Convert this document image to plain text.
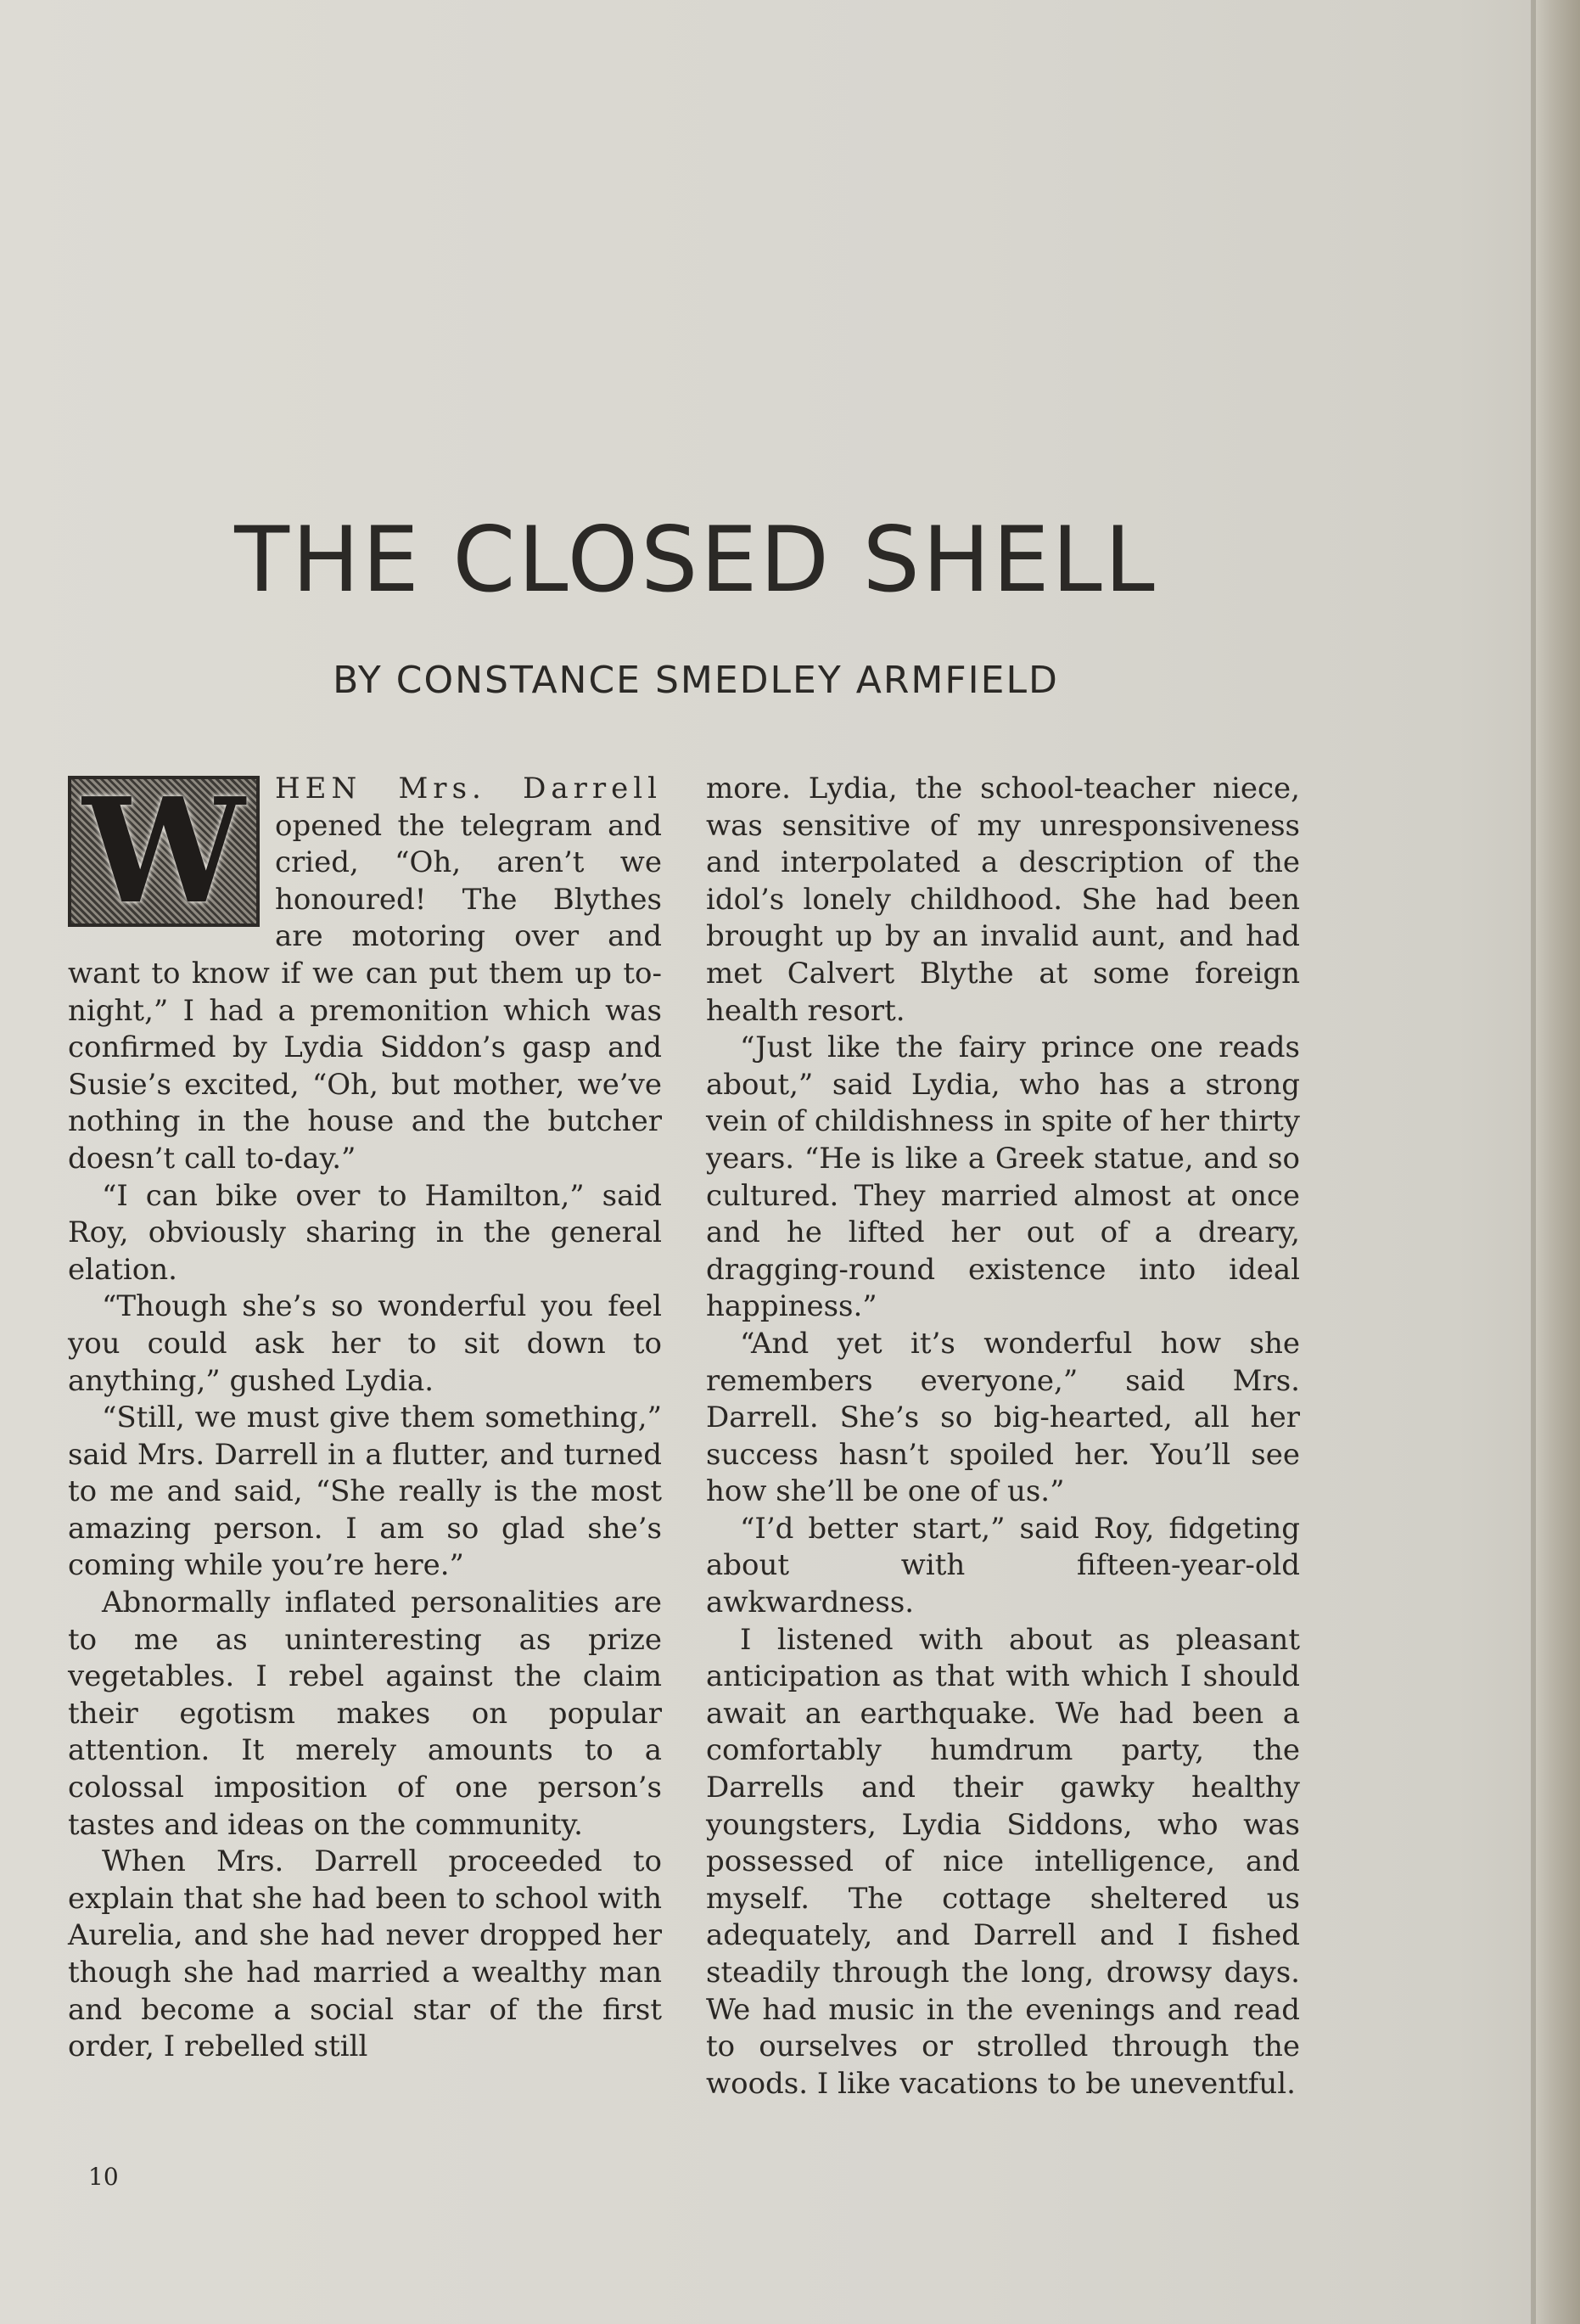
THE CLOSED SHELL
BY CONSTANCE SMEDLEY ARMFIELD
W	HEN Mrs. Darrell opened the telegram and cried, “Oh, aren’t we honoured! The Blythes are motoring over and want to know if we can put them up to-night,” I had a premonition which was confirmed by Lydia Siddon’s gasp and Susie’s excited, “Oh, but mother, we’ve nothing in the house and the butcher doesn’t call to-day.”

“I can bike over to Hamilton,” said Roy, obviously sharing in the general elation.

“Though she’s so wonderful you feel you could ask her to sit down to anything,” gushed Lydia.

“Still, we must give them something,” said Mrs. Darrell in a flutter, and turned to me and said, “She really is the most amazing person. I am so glad she’s coming while you’re here.”

Abnormally inflated personalities are to me as uninteresting as prize vegetables. I rebel against the claim their egotism makes on popular attention. It merely amounts to a colossal imposition of one person’s tastes and ideas on the community.

When Mrs. Darrell proceeded to explain that she had been to school with Aurelia, and she had never dropped her though she had married a wealthy man and become a social star of the first order, I rebelled still

more. Lydia, the school-teacher niece, was sensitive of my unresponsiveness and interpolated a description of the idol’s lonely childhood. She had been brought up by an invalid aunt, and had met Calvert Blythe at some foreign health resort.

“Just like the fairy prince one reads about,” said Lydia, who has a strong vein of childishness in spite of her thirty years. “He is like a Greek statue, and so cultured. They married almost at once and he lifted her out of a dreary, dragging-round existence into ideal happiness.”

“And yet it’s wonderful how she remembers everyone,” said Mrs. Darrell. She’s so big-hearted, all her success hasn’t spoiled her. You’ll see how she’ll be one of us.”

“I’d better start,” said Roy, fidgeting about with fifteen-year-old awkwardness.

I listened with about as pleasant anticipation as that with which I should await an earthquake. We had been a comfortably humdrum party, the Darrells and their gawky healthy youngsters, Lydia Siddons, who was possessed of nice intelligence, and myself. The cottage sheltered us adequately, and Darrell and I fished steadily through the long, drowsy days. We had music in the evenings and read to ourselves or strolled through the woods. I like vacations to be uneventful.

10
